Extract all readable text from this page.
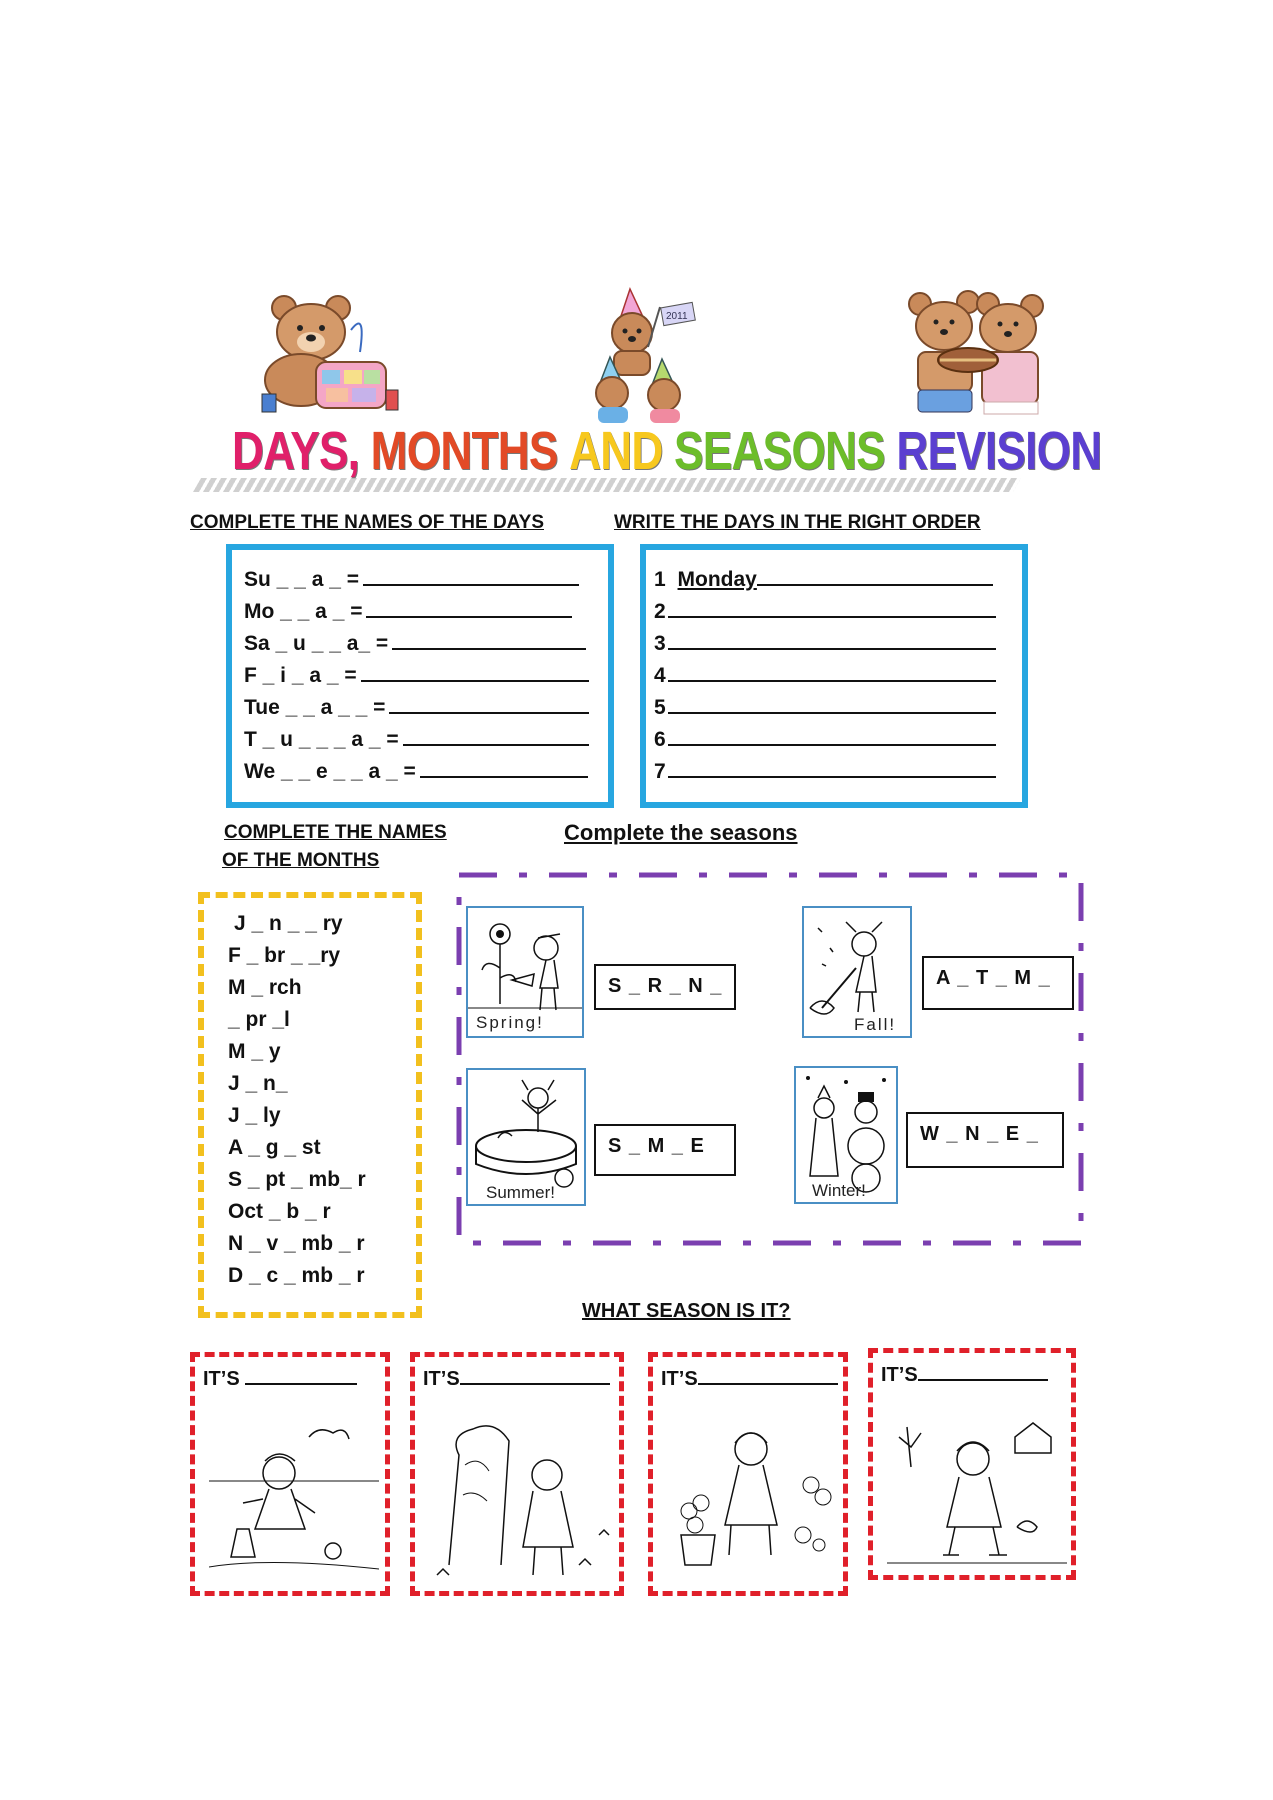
2011
DAYS, MONTHS AND SEASONS REVISION
COMPLETE THE NAMES OF THE DAYS	WRITE THE DAYS IN THE RIGHT ORDER
Su _ _ a _ =
Mo _ _ a _ =
Sa _ u _ _ a_ =
F _ i _ a _ =
Tue _ _ a _ _ =
T _ u _ _ _ a _ =
We _ _ e _ _ a _ =
1 Monday
2
3
4
5
6
7
COMPLETE THE NAMES
OF THE MONTHS
J _ n _ _ ry
F _ br _ _ry
M _ rch
_ pr _l
M _ y
J _ n_
J _ ly
A _ g _ st
S _ pt _ mb_ r
Oct _ b _ r
N _ v _ mb _ r
D _ c _ mb _ r
Complete the seasons
Spring!
S _ R _ N _
Fall!
A _ T _ M _
Summer!
S _ M _ E
Winter!
W _ N _ E _
WHAT SEASON IS IT?
IT’S	IT’S	IT’S	IT’S
